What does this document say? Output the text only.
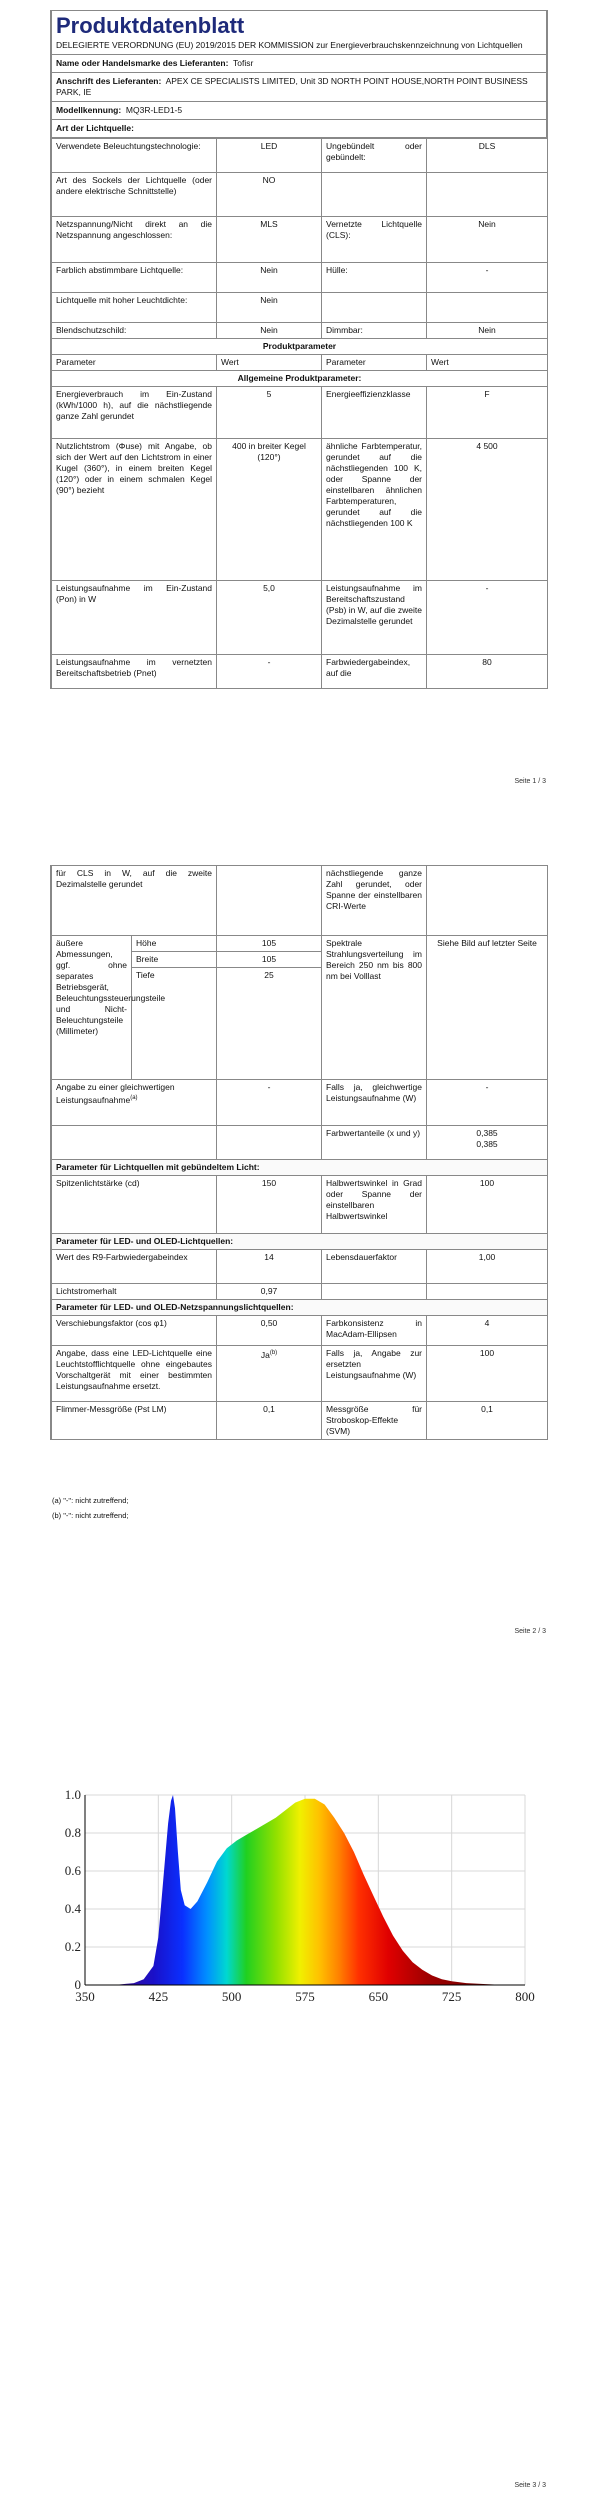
Produktdatenblatt
DELEGIERTE VERORDNUNG (EU) 2019/2015 DER KOMMISSION zur Energieverbrauchskennzeichnung von Lichtquellen
Name oder Handelsmarke des Lieferanten: Tofisr
Anschrift des Lieferanten: APEX CE SPECIALISTS LIMITED, Unit 3D NORTH POINT HOUSE,NORTH POINT BUSINESS PARK, IE
Modellkennung: MQ3R-LED1-5
Art der Lichtquelle:
Verwendete Beleuchtungstechnologie:	LED	Ungebündelt oder gebündelt:	DLS
Art des Sockels der Lichtquelle (oder andere elektrische Schnittstelle)	NO		
Netzspannung/Nicht direkt an die Netzspannung angeschlossen:	MLS	Vernetzte Lichtquelle (CLS):	Nein
Farblich abstimmbare Lichtquelle:	Nein	Hülle:	-
Lichtquelle mit hoher Leuchtdichte:	Nein		
Blendschutzschild:	Nein	Dimmbar:	Nein
Produktparameter			
Parameter	Wert	Parameter	Wert
Allgemeine Produktparameter:			
Energieverbrauch im Ein-Zustand (kWh/1000 h), auf die nächstliegende ganze Zahl gerundet	5	Energieeffizienzklasse	F
Nutzlichtstrom (Φuse) mit Angabe, ob sich der Wert auf den Lichtstrom in einer Kugel (360°), in einem breiten Kegel (120°) oder in einem schmalen Kegel (90°) bezieht	400 in breiter Kegel (120°)	ähnliche Farbtemperatur, gerundet auf die nächstliegenden 100 K, oder Spanne der einstellbaren ähnlichen Farbtemperaturen, gerundet auf die nächstliegenden 100 K	4 500
Leistungsaufnahme im Ein-Zustand (Pon) in W	5,0	Leistungsaufnahme im Bereitschaftszustand (Psb) in W, auf die zweite Dezimalstelle gerundet	-
Leistungsaufnahme im vernetzten Bereitschaftsbetrieb (Pnet)	-	Farbwiedergabeindex, auf die	80
Seite 1 / 3
für CLS in W, auf die zweite Dezimalstelle gerundet			nächstliegende ganze Zahl gerundet, oder Spanne der einstellbaren CRI-Werte	
äußere Abmessungen, ggf. ohne separates Betriebsgerät, Beleuchtungssteuerungsteile und Nicht-Beleuchtungsteile (Millimeter)	Höhe	105	Spektrale Strahlungsverteilung im Bereich 250 nm bis 800 nm bei Volllast	Siehe Bild auf letzter Seite
	Breite	105		
	Tiefe	25		
Angabe zu einer gleichwertigen Leistungsaufnahme$^{(a)}$		-	Falls ja, gleichwertige Leistungsaufnahme (W)	-
			Farbwertanteile (x und y)	0,385
0,385

Parameter für Lichtquellen mit gebündeltem Licht:				
Spitzenlichtstärke (cd)		150	Halbwertswinkel in Grad oder Spanne der einstellbaren Halbwertswinkel	100
Parameter für LED- und OLED-Lichtquellen:				
Wert des R9-Farbwiedergabeindex		14	Lebensdauerfaktor	1,00
Lichtstromerhalt		0,97		
Parameter für LED- und OLED-Netzspannungslichtquellen:				
Verschiebungsfaktor (cos φ1)		0,50	Farbkonsistenz in MacAdam-Ellipsen	4
Angabe, dass eine LED-Lichtquelle eine Leuchtstofflichtquelle ohne eingebautes Vorschaltgerät mit einer bestimmten Leistungsaufnahme ersetzt.		Ja$^{(b)}$	Falls ja, Angabe zur ersetzten Leistungsaufnahme (W)	100
Flimmer-Messgröße (Pst LM)		0,1	Messgröße für Stroboskop-Effekte (SVM)	0,1
(a) "-": nicht zutreffend;
(b) "-": nicht zutreffend;
Seite 2 / 3
350	425	500	575	650	725	800
0
0.2
0.4
0.6
0.8
1.0
Seite 3 / 3
